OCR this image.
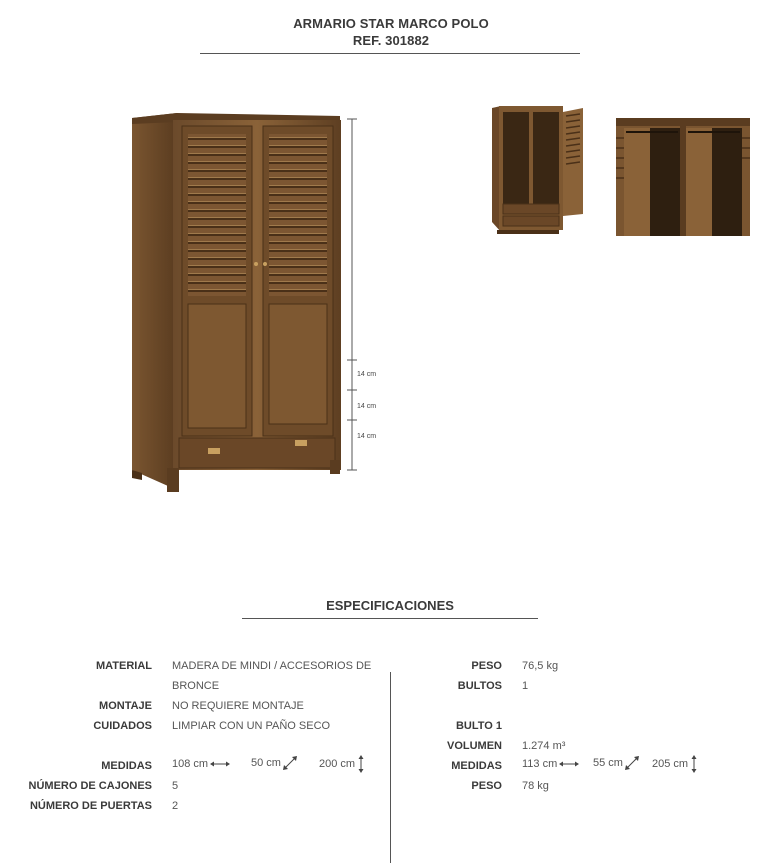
ARMARIO STAR MARCO POLO
REF. 301882
14 cm
14 cm
14 cm
ESPECIFICACIONES
MATERIAL MADERA DE MINDI / ACCESORIOS DE
BRONCE
MONTAJE NO REQUIERE MONTAJE
CUIDADOS LIMPIAR CON UN PAÑO SECO
MEDIDAS 108 cm	50 cm	200 cm
NÚMERO DE CAJONES 5
NÚMERO DE PUERTAS 2
PESO 76,5 kg
BULTOS 1
BULTO 1
VOLUMEN 1.274 m³
MEDIDAS 113 cm	55 cm	205 cm
PESO 78 kg
